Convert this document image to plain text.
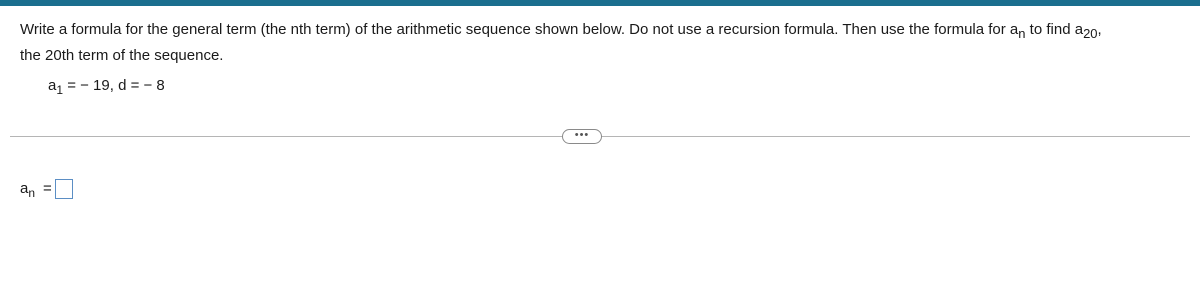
Write a formula for the general term (the nth term) of the arithmetic sequence shown below. Do not use a recursion formula. Then use the formula for $a_n$ to find $a_{20}$,
the 20th term of the sequence.
$a_1$ = − 19, d = − 8
•••
$a_n$ =
